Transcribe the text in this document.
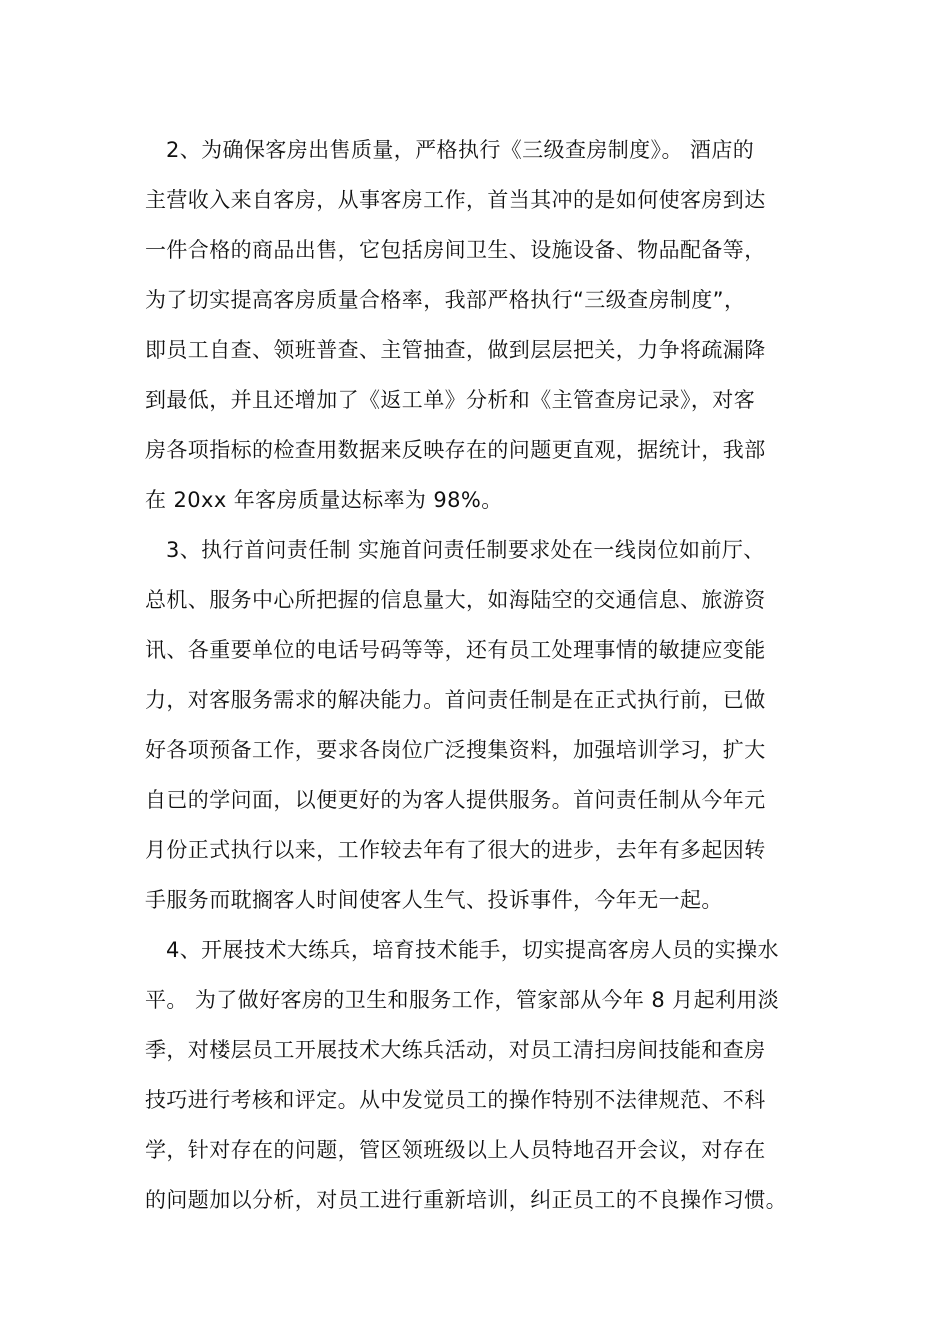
2、为确保客房出售质量，严格执行《三级查房制度》。 酒店的
主营收入来自客房，从事客房工作，首当其冲的是如何使客房到达
一件合格的商品出售，它包括房间卫生、设施设备、物品配备等，
为了切实提高客房质量合格率，我部严格执行“三级查房制度”，
即员工自查、领班普查、主管抽查，做到层层把关，力争将疏漏降
到最低，并且还增加了《返工单》分析和《主管查房记录》，对客
房各项指标的检查用数据来反映存在的问题更直观，据统计，我部
在 20xx 年客房质量达标率为 98%。
3、执行首问责任制 实施首问责任制要求处在一线岗位如前厅、
总机、服务中心所把握的信息量大，如海陆空的交通信息、旅游资
讯、各重要单位的电话号码等等，还有员工处理事情的敏捷应变能
力，对客服务需求的解决能力。首问责任制是在正式执行前，已做
好各项预备工作，要求各岗位广泛搜集资料，加强培训学习，扩大
自已的学问面，以便更好的为客人提供服务。首问责任制从今年元
月份正式执行以来，工作较去年有了很大的进步，去年有多起因转
手服务而耽搁客人时间使客人生气、投诉事件，今年无一起。
4、开展技术大练兵，培育技术能手，切实提高客房人员的实操水
平。 为了做好客房的卫生和服务工作，管家部从今年 8 月起利用淡
季，对楼层员工开展技术大练兵活动，对员工清扫房间技能和查房
技巧进行考核和评定。从中发觉员工的操作特别不法律规范、不科
学，针对存在的问题，管区领班级以上人员特地召开会议，对存在
的问题加以分析，对员工进行重新培训，纠正员工的不良操作习惯。
